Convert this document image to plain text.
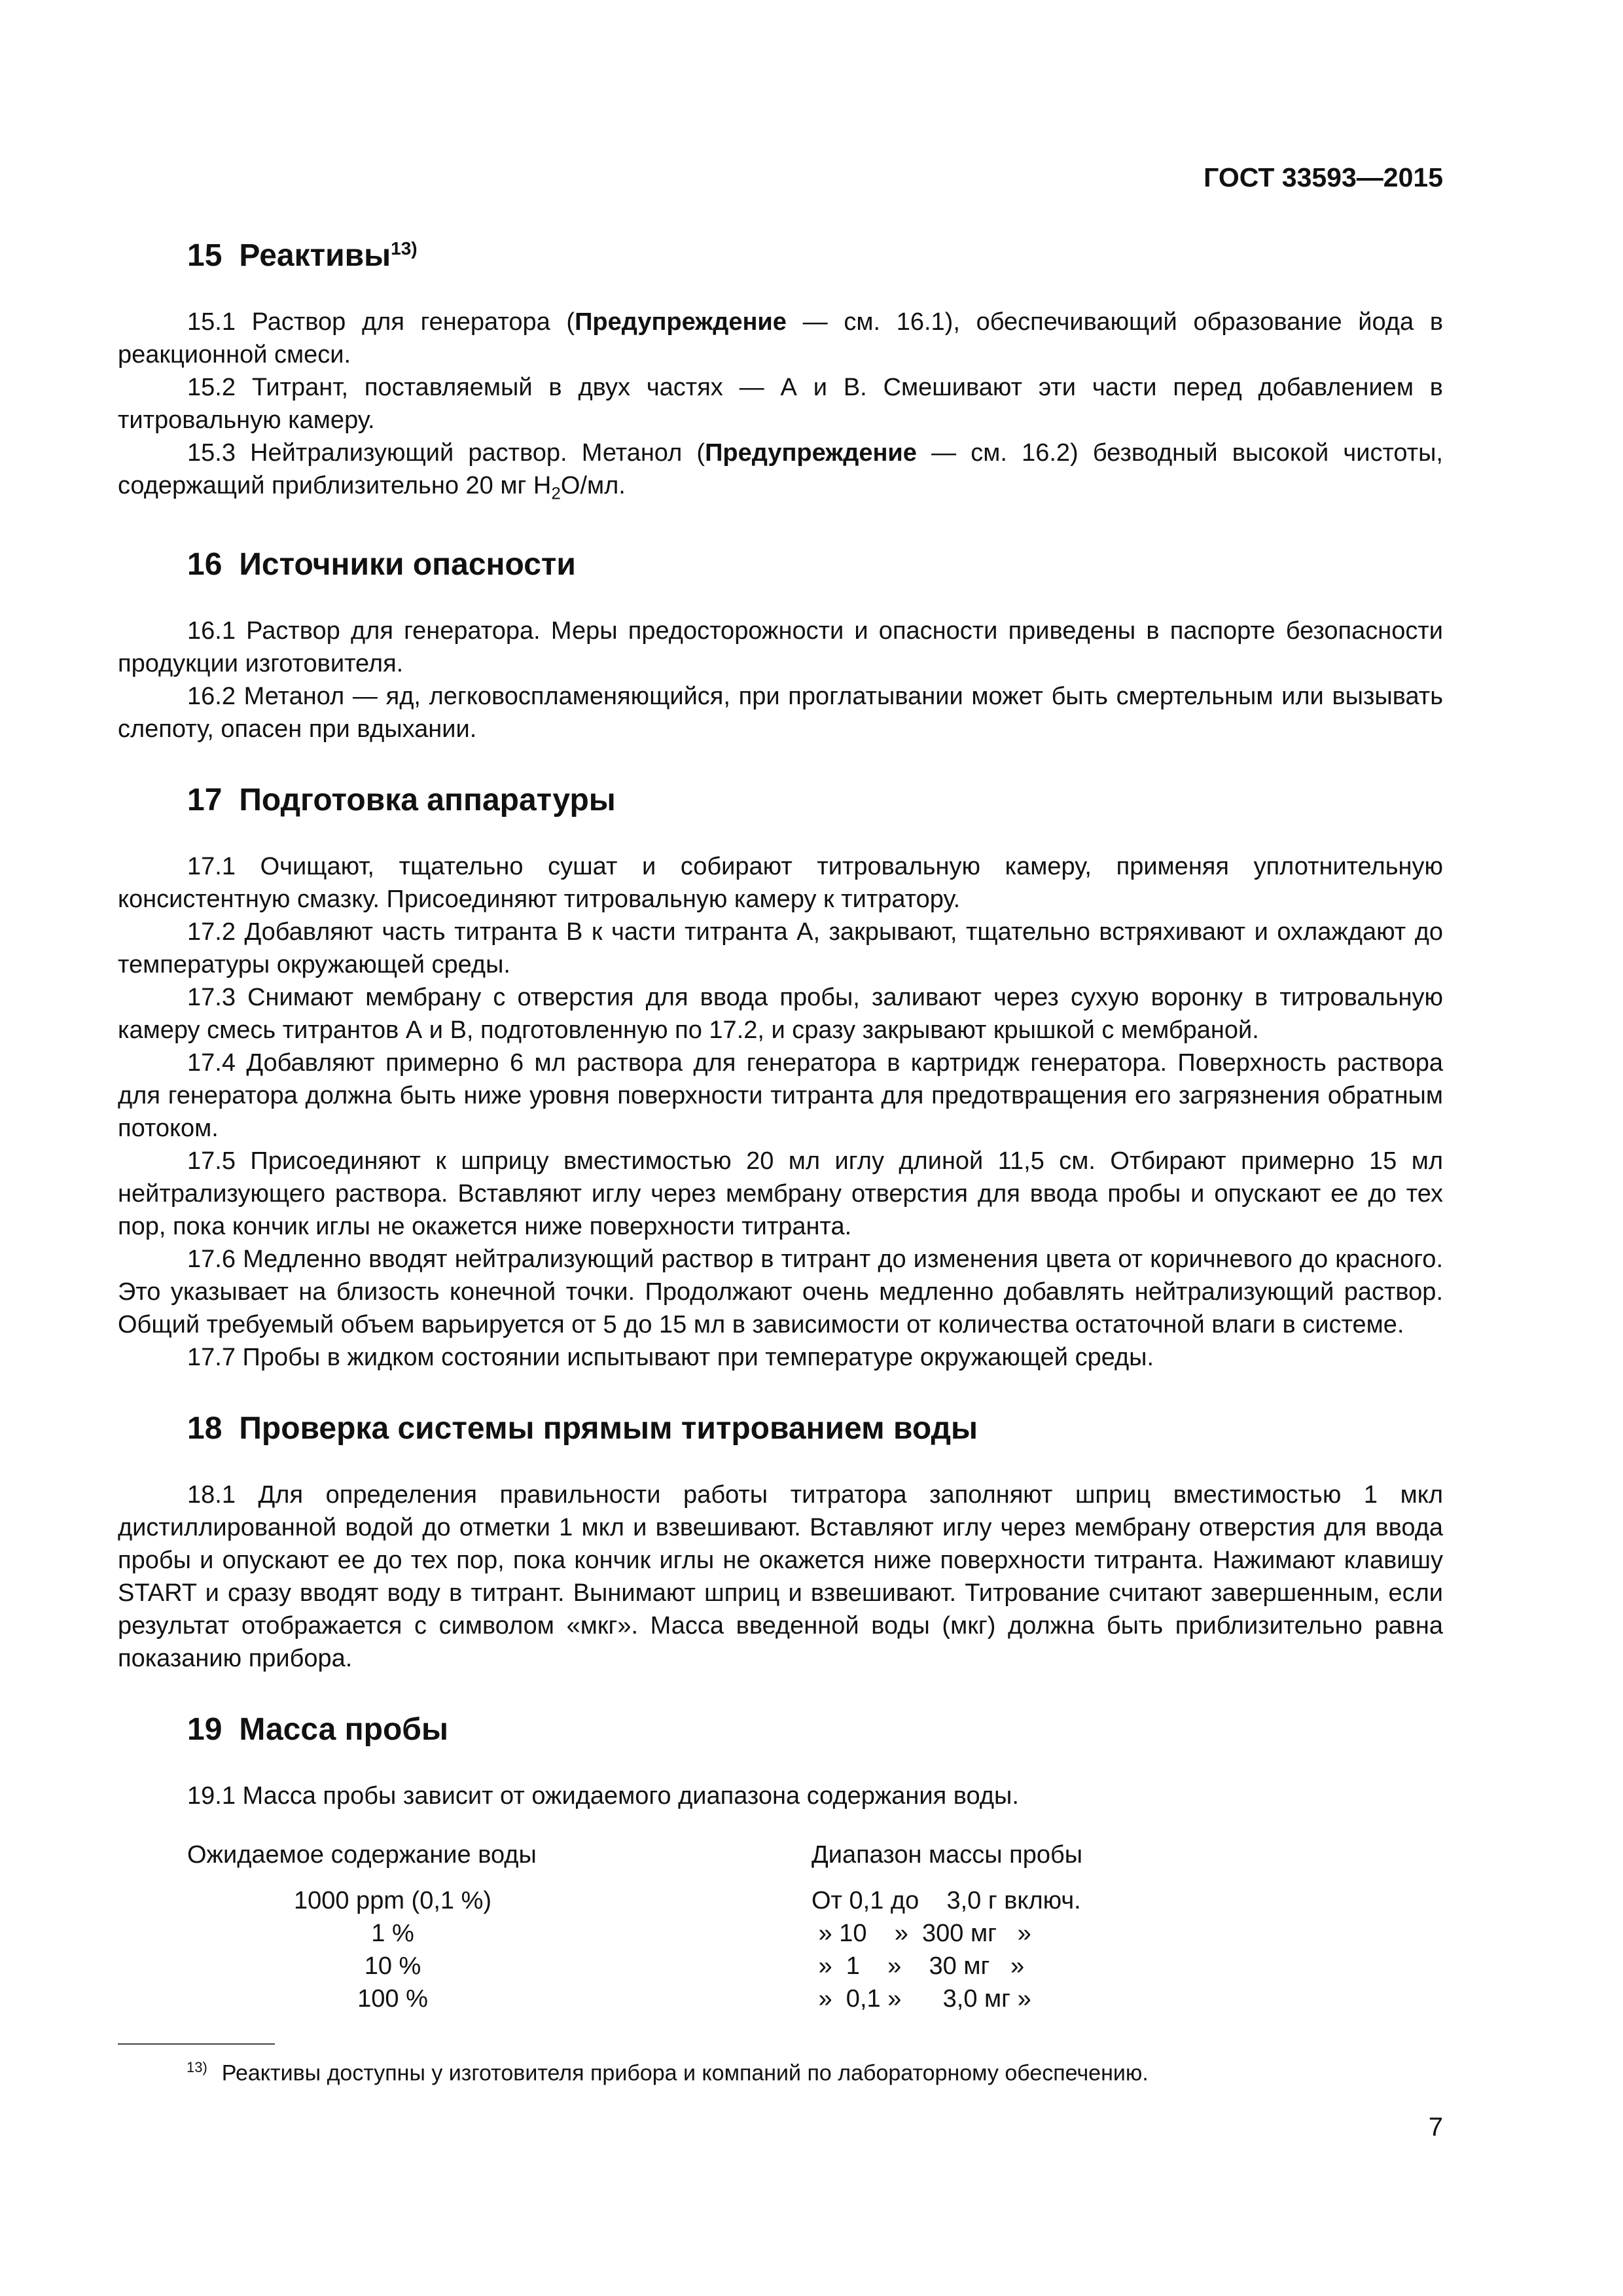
ГОСТ 33593—2015
15 Реактивы$^{13)}$

15.1 Раствор для генератора (Предупреждение — см. 16.1), обеспечивающий образование йода в реакционной смеси.

15.2 Титрант, поставляемый в двух частях — А и В. Смешивают эти части перед добавлением в титровальную камеру.

15.3 Нейтрализующий раствор. Метанол (Предупреждение — см. 16.2) безводный высокой чистоты, содержащий приблизительно 20 мг $Н_2О/мл$.

16 Источники опасности

16.1 Раствор для генератора. Меры предосторожности и опасности приведены в паспорте безопасности продукции изготовителя.

16.2 Метанол — яд, легковоспламеняющийся, при проглатывании может быть смертельным или вызывать слепоту, опасен при вдыхании.

17 Подготовка аппаратуры

17.1 Очищают, тщательно сушат и собирают титровальную камеру, применяя уплотнительную консистентную смазку. Присоединяют титровальную камеру к титратору.

17.2 Добавляют часть титранта В к части титранта А, закрывают, тщательно встряхивают и охлаждают до температуры окружающей среды.

17.3 Снимают мембрану с отверстия для ввода пробы, заливают через сухую воронку в титровальную камеру смесь титрантов А и В, подготовленную по 17.2, и сразу закрывают крышкой с мембраной.

17.4 Добавляют примерно 6 мл раствора для генератора в картридж генератора. Поверхность раствора для генератора должна быть ниже уровня поверхности титранта для предотвращения его загрязнения обратным потоком.

17.5 Присоединяют к шприцу вместимостью 20 мл иглу длиной 11,5 см. Отбирают примерно 15 мл нейтрализующего раствора. Вставляют иглу через мембрану отверстия для ввода пробы и опускают ее до тех пор, пока кончик иглы не окажется ниже поверхности титранта.

17.6 Медленно вводят нейтрализующий раствор в титрант до изменения цвета от коричневого до красного. Это указывает на близость конечной точки. Продолжают очень медленно добавлять нейтрализующий раствор. Общий требуемый объем варьируется от 5 до 15 мл в зависимости от количества остаточной влаги в системе.

17.7 Пробы в жидком состоянии испытывают при температуре окружающей среды.

18 Проверка системы прямым титрованием воды

18.1 Для определения правильности работы титратора заполняют шприц вместимостью 1 мкл дистиллированной водой до отметки 1 мкл и взвешивают. Вставляют иглу через мембрану отверстия для ввода пробы и опускают ее до тех пор, пока кончик иглы не окажется ниже поверхности титранта. Нажимают клавишу START и сразу вводят воду в титрант. Вынимают шприц и взвешивают. Титрование считают завершенным, если результат отображается с символом «мкг». Масса введенной воды (мкг) должна быть приблизительно равна показанию прибора.

19 Масса пробы

19.1 Масса пробы зависит от ожидаемого диапазона содержания воды.

Ожидаемое содержание воды	Диапазон массы пробы
1000 ppm (0,1 %)	От 0,1 до    3,0 г включ.
1 %	» 10    »  300 мг   »
10 %	»  1    »    30 мг   »
100 %	»  0,1 »      3,0 мг »
$^{13)}$ Реактивы доступны у изготовителя прибора и компаний по лабораторному обеспечению.
7
